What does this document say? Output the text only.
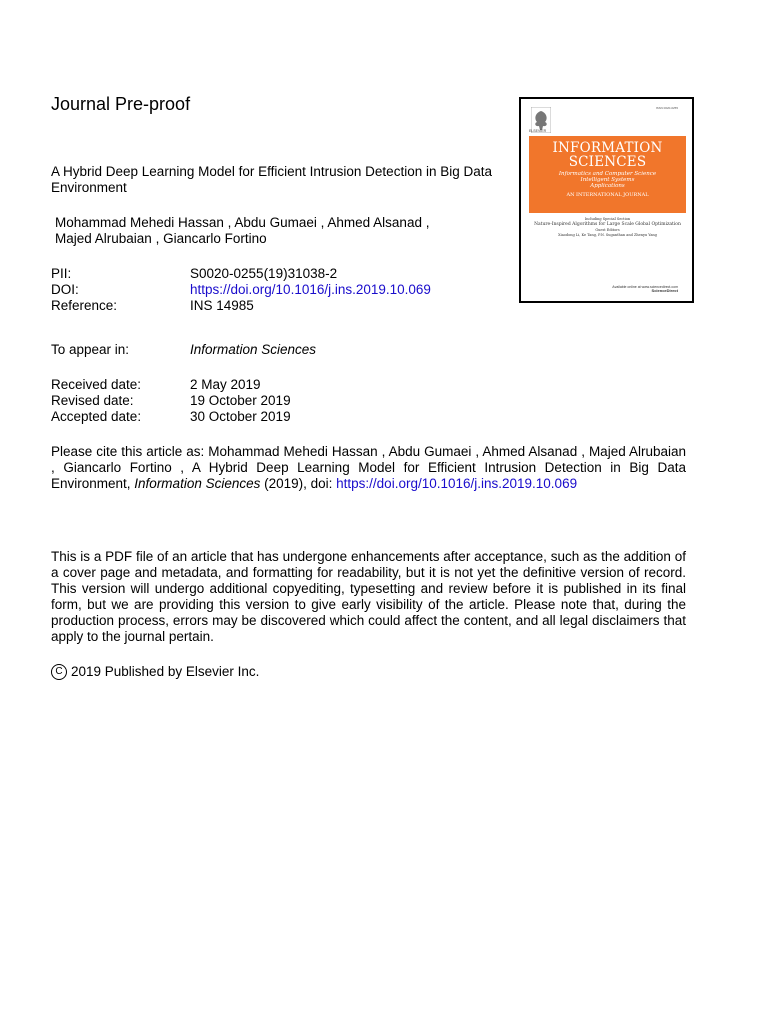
Journal Pre-proof
A Hybrid Deep Learning Model for Efficient Intrusion Detection in Big Data Environment
Mohammad Mehedi Hassan , Abdu Gumaei , Ahmed Alsanad ,
Majed Alrubaian , Giancarlo Fortino
PII:	S0020-0255(19)31038-2
DOI:	https://doi.org/10.1016/j.ins.2019.10.069
Reference:	INS 14985
To appear in:	Information Sciences
Received date:	2 May 2019
Revised date:	19 October 2019
Accepted date:	30 October 2019
Please cite this article as: Mohammad Mehedi Hassan , Abdu Gumaei , Ahmed Alsanad , Majed Alrubaian , Giancarlo Fortino , A Hybrid Deep Learning Model for Efficient Intrusion Detection in Big Data Environment, Information Sciences (2019), doi: https://doi.org/10.1016/j.ins.2019.10.069

This is a PDF file of an article that has undergone enhancements after acceptance, such as the addition of a cover page and metadata, and formatting for readability, but it is not yet the definitive version of record. This version will undergo additional copyediting, typesetting and review before it is published in its final form, but we are providing this version to give early visibility of the article. Please note that, during the production process, errors may be discovered which could affect the content, and all legal disclaimers that apply to the journal pertain.

C 2019 Published by Elsevier Inc.
ISSN 0020-0255
ELSEVIER
INFORMATION
SCIENCES
Informatics and Computer Science
Intelligent Systems
Applications
AN INTERNATIONAL JOURNAL
Including Special Section
Nature-Inspired Algorithms for Large Scale Global Optimization
Guest Editors
Xiaodong Li, Ke Tang, P.N. Suganthan and Zhenyu Yang
Available online at www.sciencedirect.com
ScienceDirect
